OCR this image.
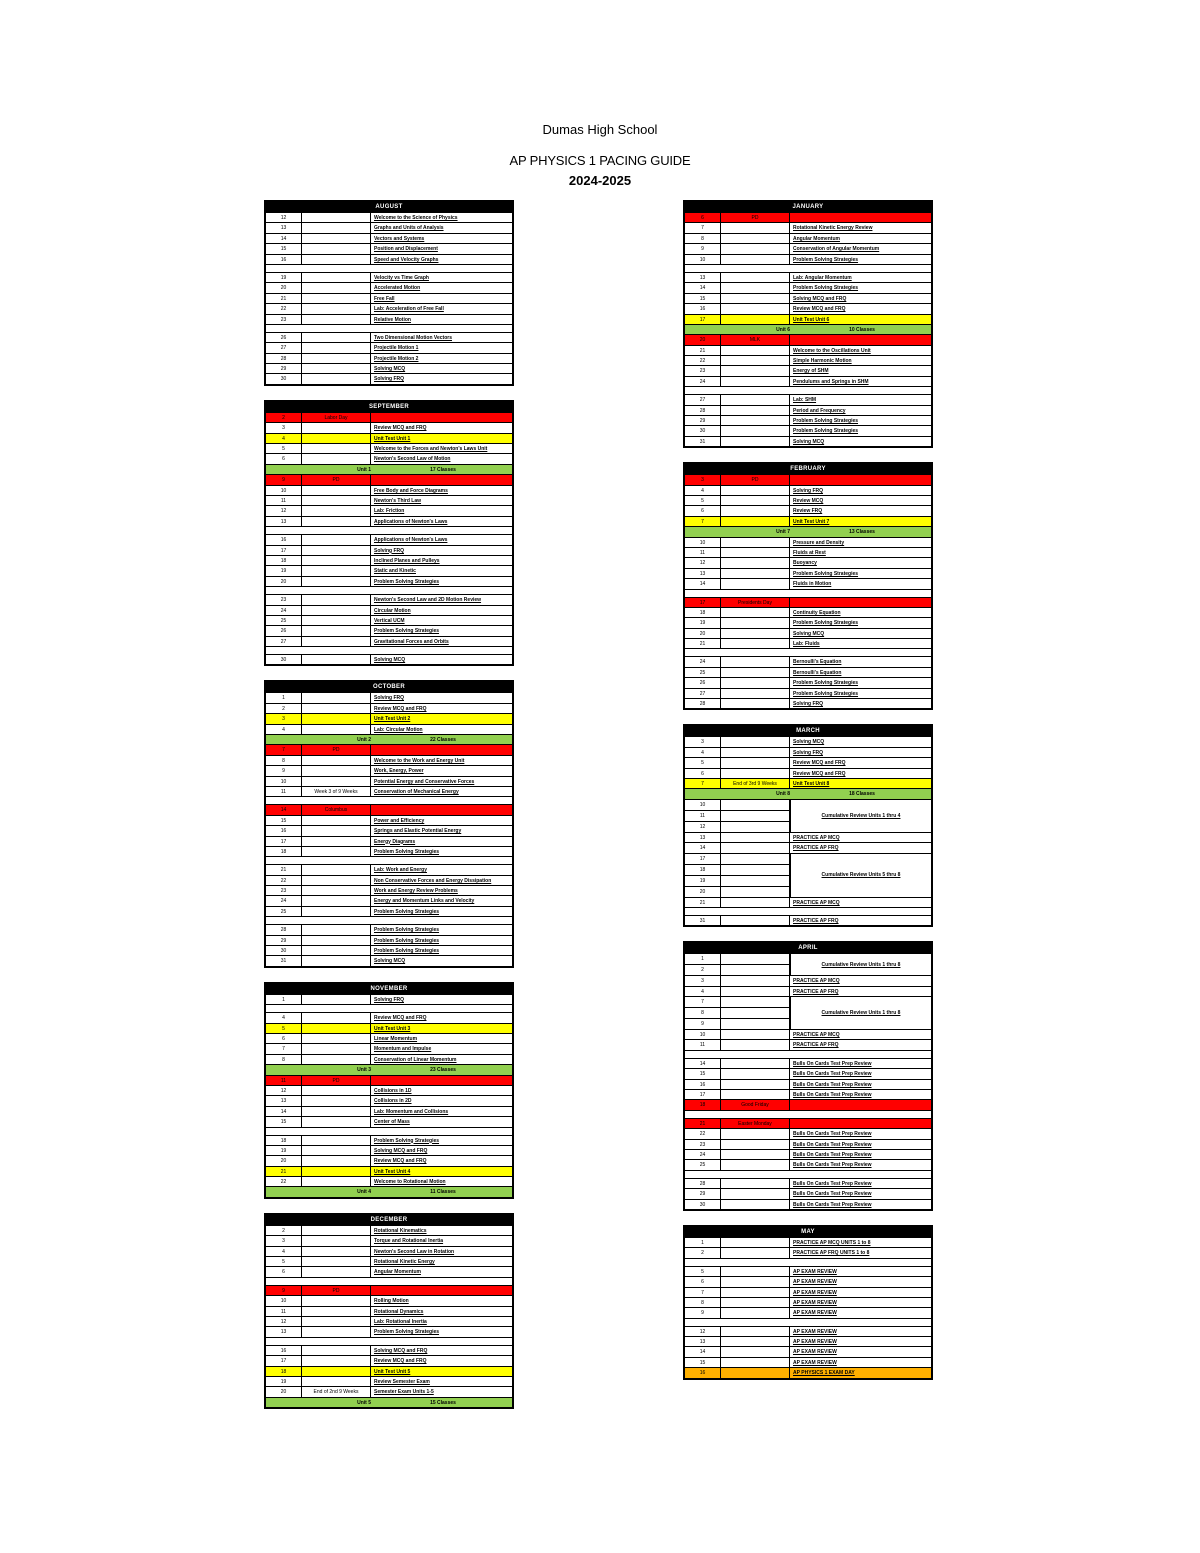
Dumas High School
AP PHYSICS 1 PACING GUIDE
2024-2025
AUGUST
12	Welcome to the Science of Physics
13	Graphs and Units of Analysis
14	Vectors and Systems
15	Position and Displacement
16	Speed and Velocity Graphs
19	Velocity vs Time Graph
20	Accelerated Motion
21	Free Fall
22	Lab: Acceleration of Free Fall
23	Relative Motion
26	Two Dimensional Motion Vectors
27	Projectile Motion 1
28	Projectile Motion 2
29	Solving MCQ
30	Solving FRQ
SEPTEMBER
2	Labor Day
3	Review MCQ and FRQ
4	Unit Test Unit 1
5	Welcome to the Forces and Newton's Laws Unit
6	Newton's Second Law of Motion
Unit 1	17 Classes
9	PD
10	Free Body and Force Diagrams
11	Newton's Third Law
12	Lab: Friction
13	Applications of Newton's Laws
16	Applications of Newton's Laws
17	Solving FRQ
18	Inclined Planes and Pulleys
19	Static and Kinetic
20	Problem Solving Strategies
23	Newton's Second Law and 2D Motion Review
24	Circular Motion
25	Vertical UCM
26	Problem Solving Strategies
27	Gravitational Forces and Orbits
30	Solving MCQ
OCTOBER
1	Solving FRQ
2	Review MCQ and FRQ
3	Unit Test Unit 2
4	Lab: Circular Motion
Unit 2	22 Classes
7	PD
8	Welcome to the Work and Energy Unit
9	Work, Energy, Power
10	Potential Energy and Conservative Forces
11	Week 3 of 9 Weeks	Conservation of Mechanical Energy
14	Columbus
15	Power and Efficiency
16	Springs and Elastic Potential Energy
17	Energy Diagrams
18	Problem Solving Strategies
21	Lab: Work and Energy
22	Non Conservative Forces and Energy Dissipation
23	Work and Energy Review Problems
24	Energy and Momentum Links and Velocity
25	Problem Solving Strategies
28	Problem Solving Strategies
29	Problem Solving Strategies
30	Problem Solving Strategies
31	Solving MCQ
NOVEMBER
1	Solving FRQ
4	Review MCQ and FRQ
5	Unit Test Unit 3
6	Linear Momentum
7	Momentum and Impulse
8	Conservation of Linear Momentum
Unit 3	23 Classes
11	PD
12	Collisions in 1D
13	Collisions in 2D
14	Lab: Momentum and Collisions
15	Center of Mass
18	Problem Solving Strategies
19	Solving MCQ and FRQ
20	Review MCQ and FRQ
21	Unit Test Unit 4
22	Welcome to Rotational Motion
Unit 4	11 Classes
DECEMBER
2	Rotational Kinematics
3	Torque and Rotational Inertia
4	Newton's Second Law in Rotation
5	Rotational Kinetic Energy
6	Angular Momentum
9	PD
10	Rolling Motion
11	Rotational Dynamics
12	Lab: Rotational Inertia
13	Problem Solving Strategies
16	Solving MCQ and FRQ
17	Review MCQ and FRQ
18	Unit Test Unit 5
19	Review Semester Exam
20	End of 2nd 9 Weeks	Semester Exam Units 1-5
Unit 5	15 Classes
JANUARY
6	PD
7	Rotational Kinetic Energy Review
8	Angular Momentum
9	Conservation of Angular Momentum
10	Problem Solving Strategies
13	Lab: Angular Momentum
14	Problem Solving Strategies
15	Solving MCQ and FRQ
16	Review MCQ and FRQ
17	Unit Test Unit 6
Unit 6	10 Classes
20	MLK
21	Welcome to the Oscillations Unit
22	Simple Harmonic Motion
23	Energy of SHM
24	Pendulums and Springs in SHM
27	Lab: SHM
28	Period and Frequency
29	Problem Solving Strategies
30	Problem Solving Strategies
31	Solving MCQ
FEBRUARY
3	PD
4	Solving FRQ
5	Review MCQ
6	Review FRQ
7	Unit Test Unit 7
Unit 7	13 Classes
10	Pressure and Density
11	Fluids at Rest
12	Buoyancy
13	Problem Solving Strategies
14	Fluids in Motion
17	Presidents Day
18	Continuity Equation
19	Problem Solving Strategies
20	Solving MCQ
21	Lab: Fluids
24	Bernoulli's Equation
25	Bernoulli's Equation
26	Problem Solving Strategies
27	Problem Solving Strategies
28	Solving FRQ
MARCH
3	Solving MCQ
4	Solving FRQ
5	Review MCQ and FRQ
6	Review MCQ and FRQ
7	End of 3rd 9 Weeks	Unit Test Unit 8
Unit 8	18 Classes
10
11
12
Cumulative Review Units 1 thru 4
13	PRACTICE AP MCQ
14	PRACTICE AP FRQ
17
18
19
20
Cumulative Review Units 5 thru 8
21	PRACTICE AP MCQ
31	PRACTICE AP FRQ
APRIL
1
2
Cumulative Review Units 1 thru 8
3	PRACTICE AP MCQ
4	PRACTICE AP FRQ
7
8
9
Cumulative Review Units 1 thru 8
10	PRACTICE AP MCQ
11	PRACTICE AP FRQ
14	Bulls On Cards Test Prep Review
15	Bulls On Cards Test Prep Review
16	Bulls On Cards Test Prep Review
17	Bulls On Cards Test Prep Review
18	Good Friday
21	Easter Monday
22	Bulls On Cards Test Prep Review
23	Bulls On Cards Test Prep Review
24	Bulls On Cards Test Prep Review
25	Bulls On Cards Test Prep Review
28	Bulls On Cards Test Prep Review
29	Bulls On Cards Test Prep Review
30	Bulls On Cards Test Prep Review
MAY
1	PRACTICE AP MCQ UNITS 1 to 8
2	PRACTICE AP FRQ UNITS 1 to 8
5	AP EXAM REVIEW
6	AP EXAM REVIEW
7	AP EXAM REVIEW
8	AP EXAM REVIEW
9	AP EXAM REVIEW
12	AP EXAM REVIEW
13	AP EXAM REVIEW
14	AP EXAM REVIEW
15	AP EXAM REVIEW
16	AP PHYSICS 1 EXAM DAY
